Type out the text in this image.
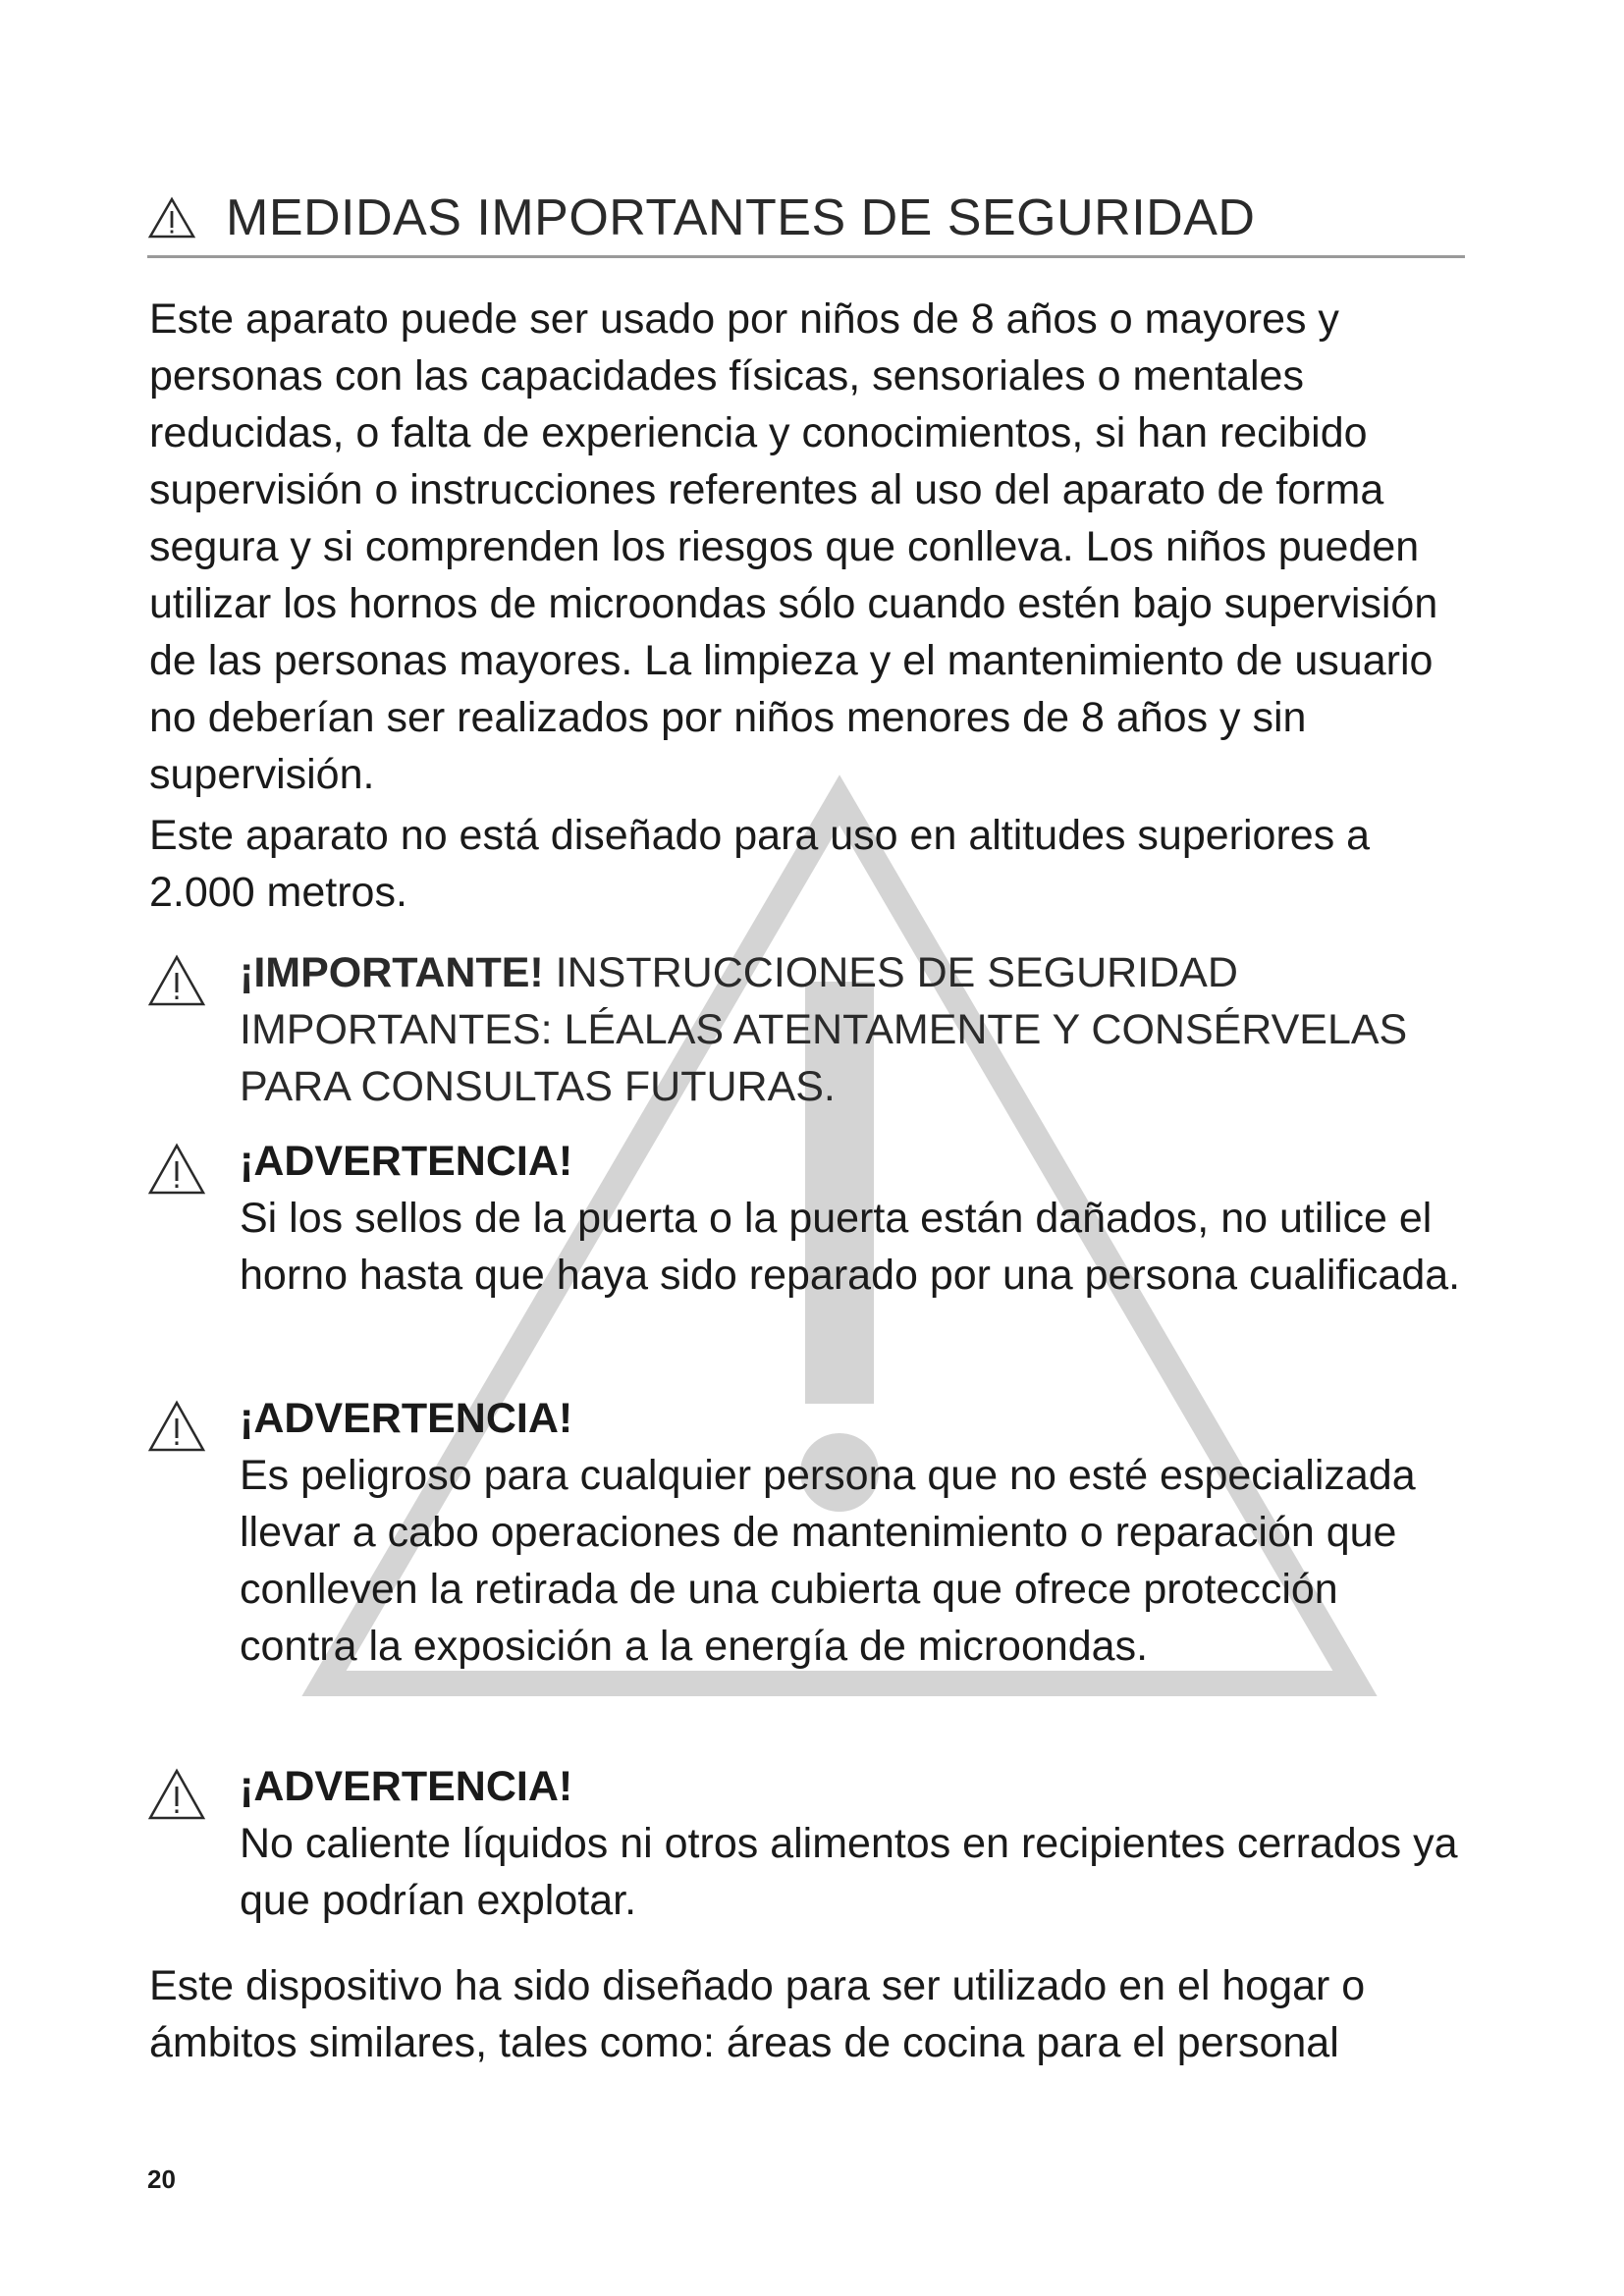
MEDIDAS IMPORTANTES DE SEGURIDAD

Este aparato puede ser usado por niños de 8 años o mayores y personas con las capacidades físicas, sensoriales o mentales reducidas, o falta de experiencia y conocimientos, si han recibido supervisión o instrucciones referentes al uso del aparato de forma segura y si comprenden los riesgos que conlleva. Los niños pueden utilizar los hornos de microondas sólo cuando estén bajo supervisión de las personas mayores. La limpieza y el mantenimiento de usuario no deberían ser realizados por niños menores de 8 años y sin supervisión.

Este aparato no está diseñado para uso en altitudes superiores a 2.000 metros.

¡IMPORTANTE! INSTRUCCIONES DE SEGURIDAD IMPORTANTES: LÉALAS ATENTAMENTE Y CONSÉRVELAS PARA CONSULTAS FUTURAS.
¡ADVERTENCIA!
Si los sellos de la puerta o la puerta están dañados, no utilice el horno hasta que haya sido reparado por una persona cualificada.
¡ADVERTENCIA!
Es peligroso para cualquier persona que no esté especializada llevar a cabo operaciones de mantenimiento o reparación que conlleven la retirada de una cubierta que ofrece protección contra la exposición a la energía de microondas.
¡ADVERTENCIA!
No caliente líquidos ni otros alimentos en recipientes cerrados ya que podrían explotar.

Este dispositivo ha sido diseñado para ser utilizado en el hogar o ámbitos similares, tales como: áreas de cocina para el personal

20
